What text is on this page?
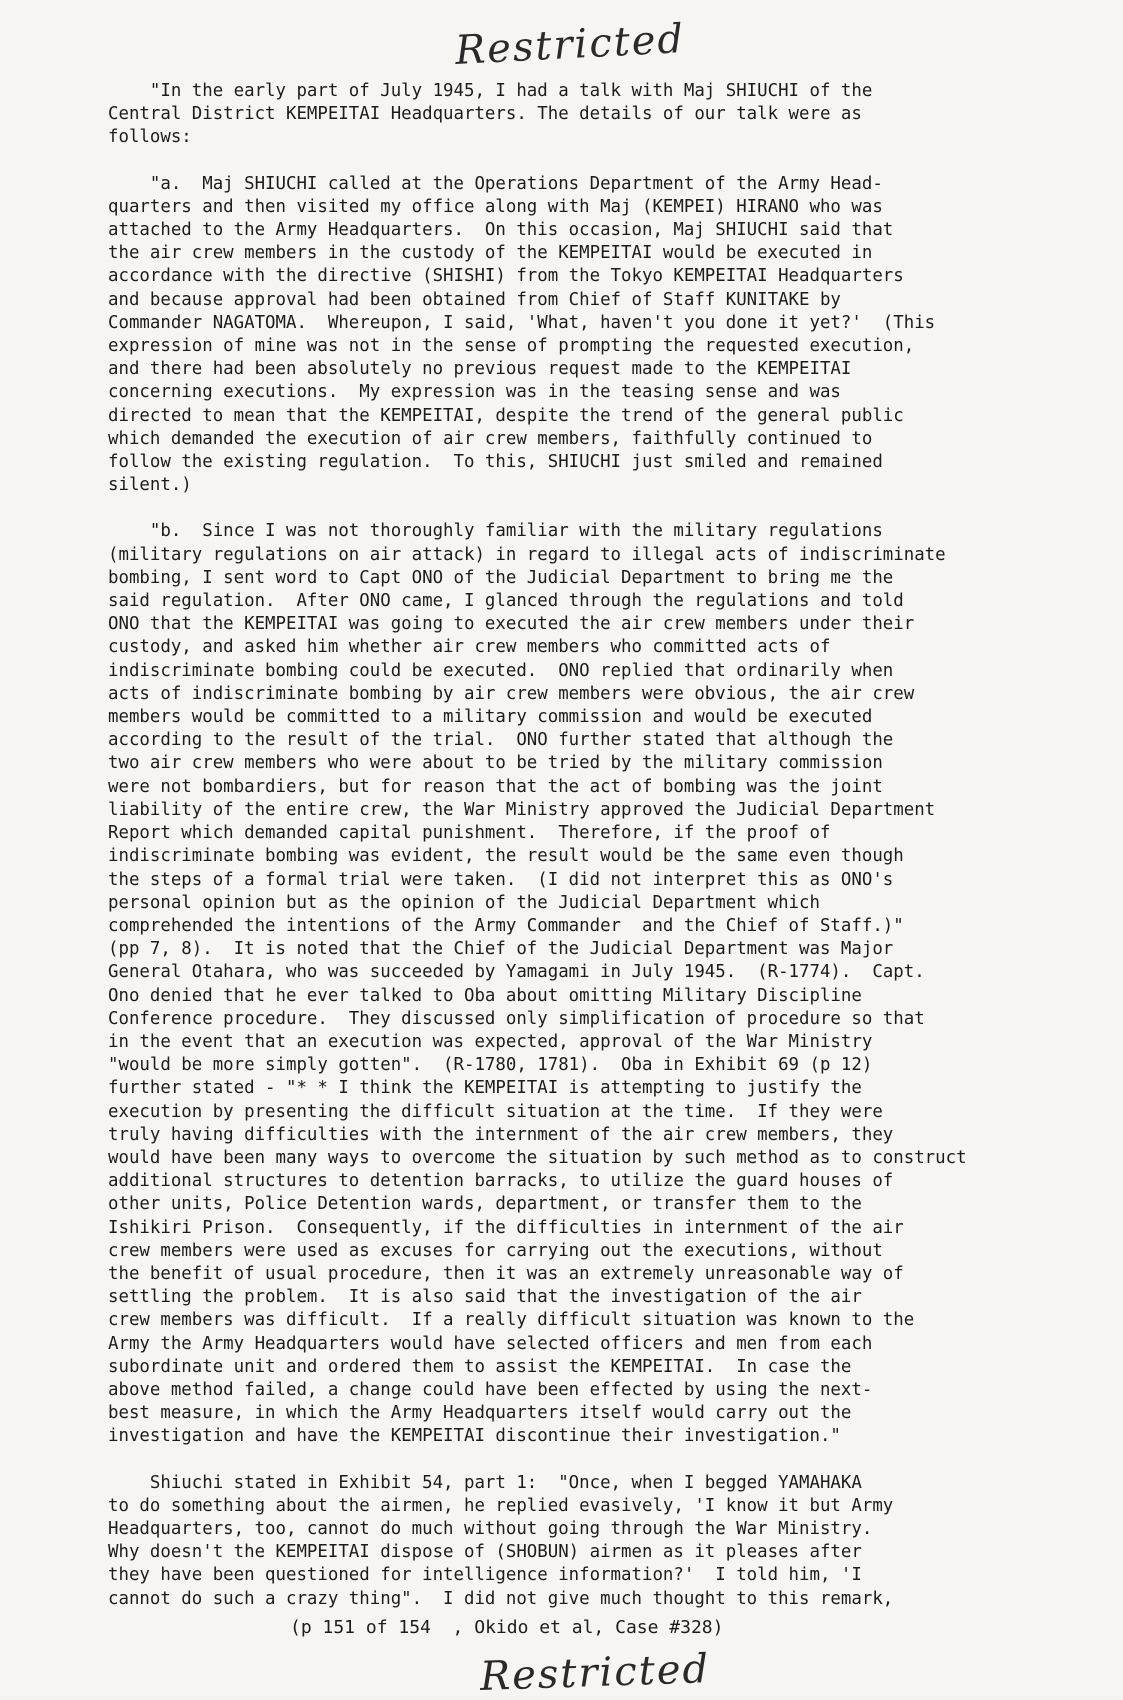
Restricted
"In the early part of July 1945, I had a talk with Maj SHIUCHI of the
Central District KEMPEITAI Headquarters. The details of our talk were as
follows:
"a.  Maj SHIUCHI called at the Operations Department of the Army Head-
quarters and then visited my office along with Maj (KEMPEI) HIRANO who was
attached to the Army Headquarters.  On this occasion, Maj SHIUCHI said that
the air crew members in the custody of the KEMPEITAI would be executed in
accordance with the directive (SHISHI) from the Tokyo KEMPEITAI Headquarters
and because approval had been obtained from Chief of Staff KUNITAKE by
Commander NAGATOMA.  Whereupon, I said, 'What, haven't you done it yet?'  (This
expression of mine was not in the sense of prompting the requested execution,
and there had been absolutely no previous request made to the KEMPEITAI
concerning executions.  My expression was in the teasing sense and was
directed to mean that the KEMPEITAI, despite the trend of the general public
which demanded the execution of air crew members, faithfully continued to
follow the existing regulation.  To this, SHIUCHI just smiled and remained
silent.)
"b.  Since I was not thoroughly familiar with the military regulations
(military regulations on air attack) in regard to illegal acts of indiscriminate
bombing, I sent word to Capt ONO of the Judicial Department to bring me the
said regulation.  After ONO came, I glanced through the regulations and told
ONO that the KEMPEITAI was going to executed the air crew members under their
custody, and asked him whether air crew members who committed acts of
indiscriminate bombing could be executed.  ONO replied that ordinarily when
acts of indiscriminate bombing by air crew members were obvious, the air crew
members would be committed to a military commission and would be executed
according to the result of the trial.  ONO further stated that although the
two air crew members who were about to be tried by the military commission
were not bombardiers, but for reason that the act of bombing was the joint
liability of the entire crew, the War Ministry approved the Judicial Department
Report which demanded capital punishment.  Therefore, if the proof of
indiscriminate bombing was evident, the result would be the same even though
the steps of a formal trial were taken.  (I did not interpret this as ONO's
personal opinion but as the opinion of the Judicial Department which
comprehended the intentions of the Army Commander  and the Chief of Staff.)"
(pp 7, 8).  It is noted that the Chief of the Judicial Department was Major
General Otahara, who was succeeded by Yamagami in July 1945.  (R-1774).  Capt.
Ono denied that he ever talked to Oba about omitting Military Discipline
Conference procedure.  They discussed only simplification of procedure so that
in the event that an execution was expected, approval of the War Ministry
"would be more simply gotten".  (R-1780, 1781).  Oba in Exhibit 69 (p 12)
further stated - "* * I think the KEMPEITAI is attempting to justify the
execution by presenting the difficult situation at the time.  If they were
truly having difficulties with the internment of the air crew members, they
would have been many ways to overcome the situation by such method as to construct
additional structures to detention barracks, to utilize the guard houses of
other units, Police Detention wards, department, or transfer them to the
Ishikiri Prison.  Consequently, if the difficulties in internment of the air
crew members were used as excuses for carrying out the executions, without
the benefit of usual procedure, then it was an extremely unreasonable way of
settling the problem.  It is also said that the investigation of the air
crew members was difficult.  If a really difficult situation was known to the
Army the Army Headquarters would have selected officers and men from each
subordinate unit and ordered them to assist the KEMPEITAI.  In case the
above method failed, a change could have been effected by using the next-
best measure, in which the Army Headquarters itself would carry out the
investigation and have the KEMPEITAI discontinue their investigation."
Shiuchi stated in Exhibit 54, part 1:  "Once, when I begged YAMAHAKA
to do something about the airmen, he replied evasively, 'I know it but Army
Headquarters, too, cannot do much without going through the War Ministry.
Why doesn't the KEMPEITAI dispose of (SHOBUN) airmen as it pleases after
they have been questioned for intelligence information?'  I told him, 'I
cannot do such a crazy thing".  I did not give much thought to this remark,
(p 151 of 154  , Okido et al, Case #328)
Restricted
